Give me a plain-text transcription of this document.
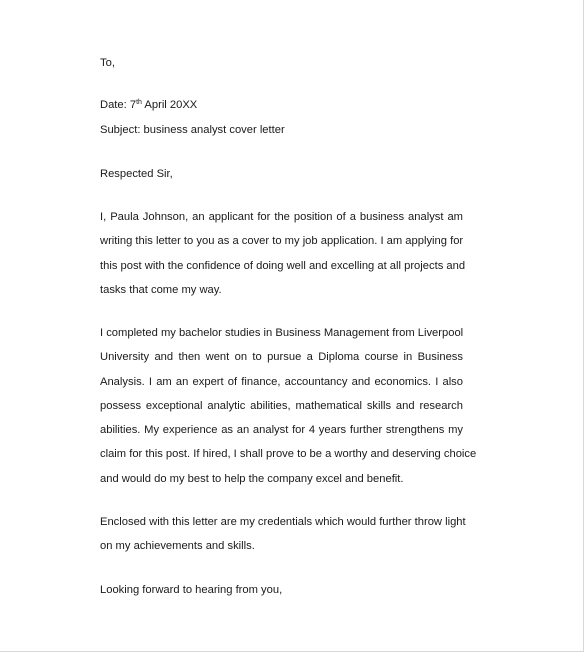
To,

Date: 7th April 20XX

Subject: business analyst cover letter

Respected Sir,

I, Paula Johnson, an applicant for the position of a business analyst am
writing this letter to you as a cover to my job application. I am applying for
this post with the confidence of doing well and excelling at all projects and
tasks that come my way.
I completed my bachelor studies in Business Management from Liverpool
University and then went on to pursue a Diploma course in Business
Analysis. I am an expert of finance, accountancy and economics. I also
possess exceptional analytic abilities, mathematical skills and research
abilities. My experience as an analyst for 4 years further strengthens my
claim for this post. If hired, I shall prove to be a worthy and deserving choice
and would do my best to help the company excel and benefit.
Enclosed with this letter are my credentials which would further throw light
on my achievements and skills.

Looking forward to hearing from you,
